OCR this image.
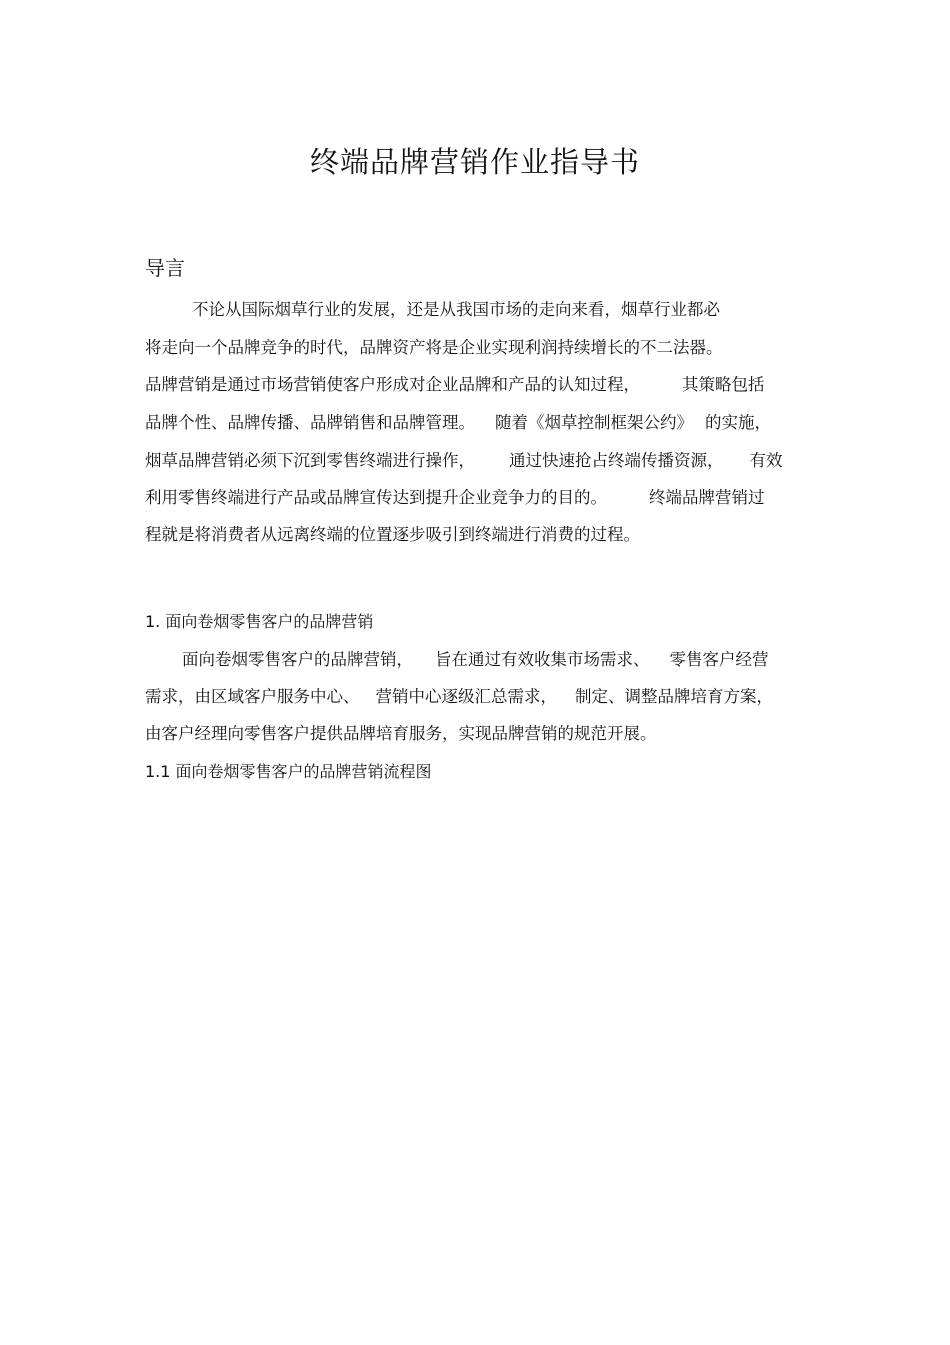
终端品牌营销作业指导书
导言
不论从国际烟草行业的发展，还是从我国市场的走向来看，烟草行业都必
将走向一个品牌竞争的时代，品牌资产将是企业实现利润持续增长的不二法器。
品牌营销是通过市场营销使客户形成对企业品牌和产品的认知过程，	其策略包括
品牌个性、品牌传播、品牌销售和品牌管理。 随着《烟草控制框架公约》 的实施，
烟草品牌营销必须下沉到零售终端进行操作， 通过快速抢占终端传播资源， 有效
利用零售终端进行产品或品牌宣传达到提升企业竞争力的目的。	终端品牌营销过
程就是将消费者从远离终端的位置逐步吸引到终端进行消费的过程。
1. 面向卷烟零售客户的品牌营销
面向卷烟零售客户的品牌营销， 旨在通过有效收集市场需求、 零售客户经营
需求，由区域客户服务中心、 营销中心逐级汇总需求， 制定、调整品牌培育方案，
由客户经理向零售客户提供品牌培育服务，实现品牌营销的规范开展。
1.1 面向卷烟零售客户的品牌营销流程图
